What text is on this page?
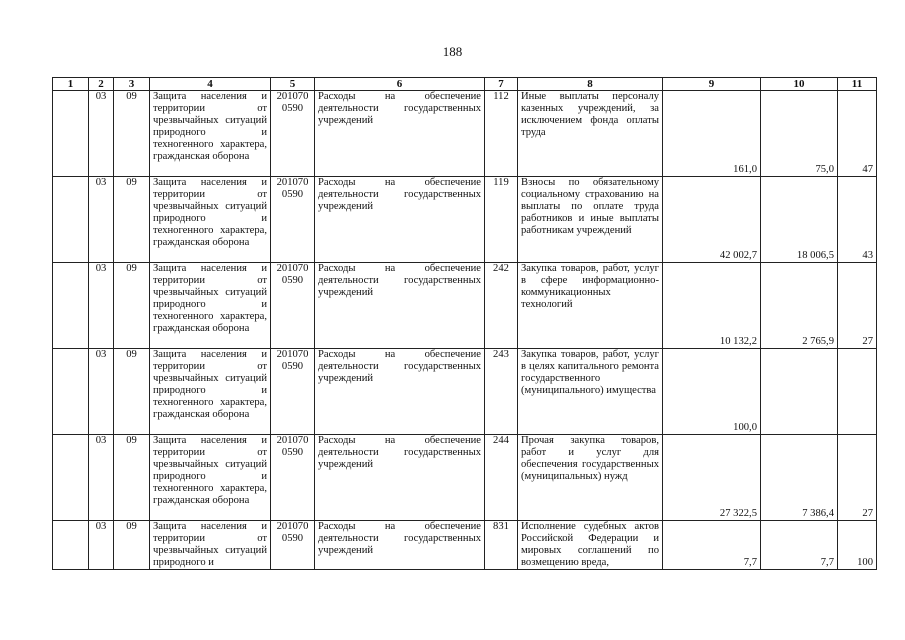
188
1	2	3	4	5	6	7	8	9	10	11
	03	09	Защита населения и территории от чрезвычайных ситуаций природного и техногенного характера, гражданская оборона	201070 0590	Расходы на обеспечение деятельности государственных учреждений	112	Иные выплаты персоналу казенных учреждений, за исключением фонда оплаты труда	161,0	75,0	47
	03	09	Защита населения и территории от чрезвычайных ситуаций природного и техногенного характера, гражданская оборона	201070 0590	Расходы на обеспечение деятельности государственных учреждений	119	Взносы по обязательному социальному страхованию на выплаты по оплате труда работников и иные выплаты работникам учреждений	42 002,7	18 006,5	43
	03	09	Защита населения и территории от чрезвычайных ситуаций природного и техногенного характера, гражданская оборона	201070 0590	Расходы на обеспечение деятельности государственных учреждений	242	Закупка товаров, работ, услуг в сфере информационно-коммуникационных технологий	10 132,2	2 765,9	27
	03	09	Защита населения и территории от чрезвычайных ситуаций природного и техногенного характера, гражданская оборона	201070 0590	Расходы на обеспечение деятельности государственных учреждений	243	Закупка товаров, работ, услуг в целях капитального ремонта государственного (муниципального) имущества	100,0		
	03	09	Защита населения и территории от чрезвычайных ситуаций природного и техногенного характера, гражданская оборона	201070 0590	Расходы на обеспечение деятельности государственных учреждений	244	Прочая закупка товаров, работ и услуг для обеспечения государственных (муниципальных) нужд	27 322,5	7 386,4	27
	03	09	Защита населения и территории от чрезвычайных ситуаций природного и	201070 0590	Расходы на обеспечение деятельности государственных учреждений	831	Исполнение судебных актов Российской Федерации и мировых соглашений по возмещению вреда,	7,7	7,7	100
